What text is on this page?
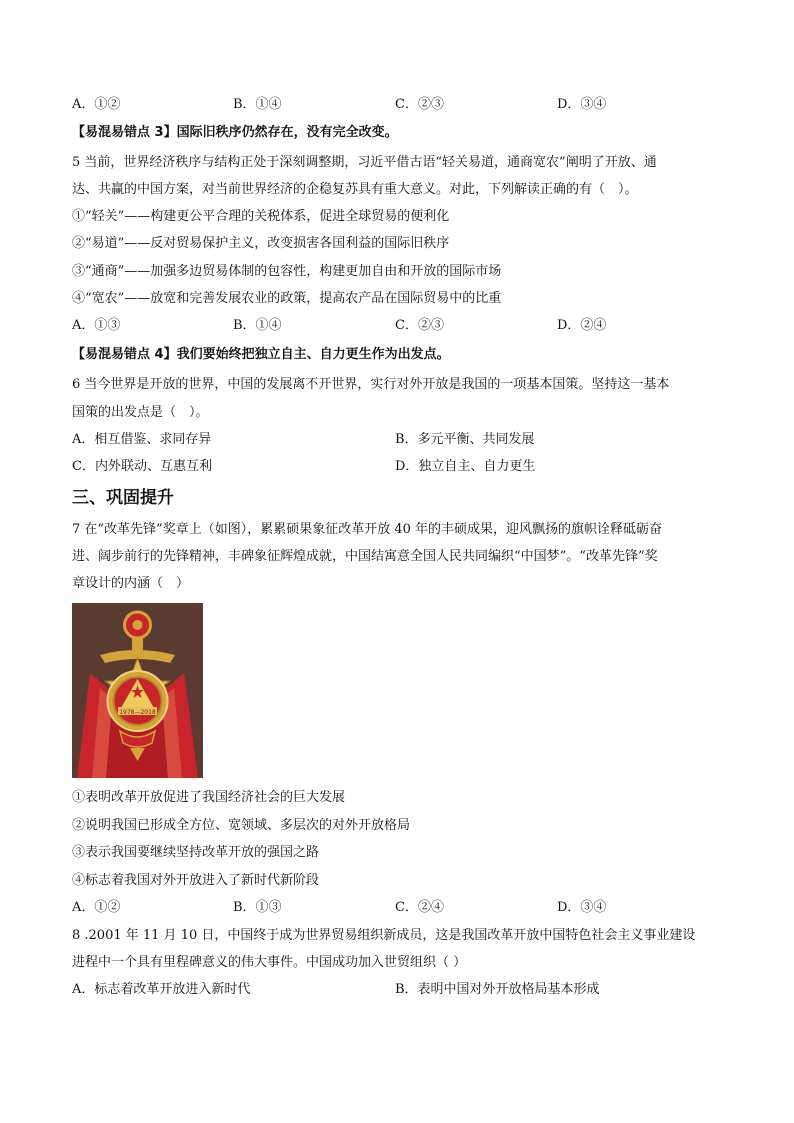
A．①②	B．①④	C．②③	D．③④
【易混易错点 3】国际旧秩序仍然存在，没有完全改变。
5 当前，世界经济秩序与结构正处于深刻调整期，习近平借古语“轻关易道，通商宽农”阐明了开放、通
达、共赢的中国方案，对当前世界经济的企稳复苏具有重大意义。对此，下列解读正确的有（　）。
①“轻关”——构建更公平合理的关税体系，促进全球贸易的便利化
②“易道”——反对贸易保护主义，改变损害各国利益的国际旧秩序
③“通商”——加强多边贸易体制的包容性，构建更加自由和开放的国际市场
④“宽农”——放宽和完善发展农业的政策，提高农产品在国际贸易中的比重
A．①③	B．①④	C．②③	D．②④
【易混易错点 4】我们要始终把独立自主、自力更生作为出发点。
6 当今世界是开放的世界，中国的发展离不开世界，实行对外开放是我国的一项基本国策。坚持这一基本
国策的出发点是（　）。
A．相互借鉴、求同存异	B．多元平衡、共同发展
C．内外联动、互惠互利	D．独立自主、自力更生
三、巩固提升
进、阔步前行的先锋精神，丰碑象征辉煌成就，中国结寓意全国人民共同编织“中国梦”。“改革先锋”奖
7 在“改革先锋”奖章上（如图），累累硕果象征改革开放 40 年的丰硕成果，迎风飘扬的旗帜诠释砥砺奋
章设计的内涵（　）
1978—2018
①表明改革开放促进了我国经济社会的巨大发展
②说明我国已形成全方位、宽领域、多层次的对外开放格局
③表示我国要继续坚持改革开放的强国之路
④标志着我国对外开放进入了新时代新阶段
A．①②	B．①③	C．②④	D．③④
8 .2001 年 11 月 10 日，中国终于成为世界贸易组织新成员，这是我国改革开放中国特色社会主义事业建设
进程中一个具有里程碑意义的伟大事件。中国成功加入世贸组织（ ）
A．标志着改革开放进入新时代	B．表明中国对外开放格局基本形成
